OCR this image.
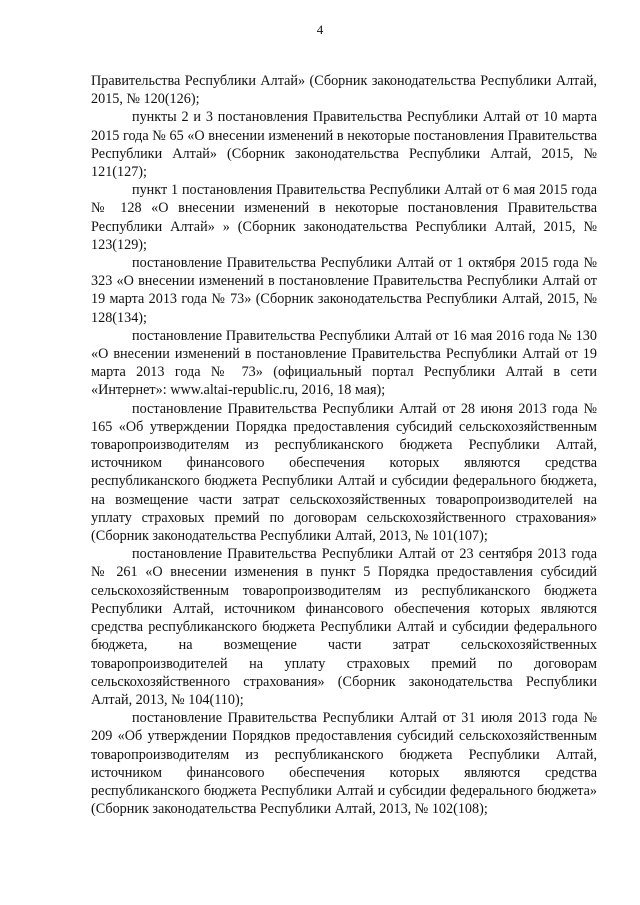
4

Правительства Республики Алтай» (Сборник законодательства Республики Алтай, 2015, № 120(126);

пункты 2 и 3 постановления Правительства Республики Алтай от 10 марта 2015 года № 65 «О внесении изменений в некоторые постановления Правительства Республики Алтай» (Сборник законодательства Республики Алтай, 2015, № 121(127);

пункт 1 постановления Правительства Республики Алтай от 6 мая 2015 года № 128 «О внесении изменений в некоторые постановления Правительства Республики Алтай» » (Сборник законодательства Республики Алтай, 2015, № 123(129);

постановление Правительства Республики Алтай от 1 октября 2015 года № 323 «О внесении изменений в постановление Правительства Республики Алтай от 19 марта 2013 года № 73» (Сборник законодательства Республики Алтай, 2015, № 128(134);

постановление Правительства Республики Алтай от 16 мая 2016 года № 130 «О внесении изменений в постановление Правительства Республики Алтай от 19 марта 2013 года № 73» (официальный портал Республики Алтай в сети «Интернет»: www.altai-republic.ru, 2016, 18 мая);

постановление Правительства Республики Алтай от 28 июня 2013 года № 165 «Об утверждении Порядка предоставления субсидий сельскохозяйственным товаропроизводителям из республиканского бюджета Республики Алтай, источником финансового обеспечения которых являются средства республиканского бюджета Республики Алтай и субсидии федерального бюджета, на возмещение части затрат сельскохозяйственных товаропроизводителей на уплату страховых премий по договорам сельскохозяйственного страхования» (Сборник законодательства Республики Алтай, 2013, № 101(107);

постановление Правительства Республики Алтай от 23 сентября 2013 года № 261 «О внесении изменения в пункт 5 Порядка предоставления субсидий сельскохозяйственным товаропроизводителям из республиканского бюджета Республики Алтай, источником финансового обеспечения которых являются средства республиканского бюджета Республики Алтай и субсидии федерального бюджета, на возмещение части затрат сельскохозяйственных товаропроизводителей на уплату страховых премий по договорам сельскохозяйственного страхования» (Сборник законодательства Республики Алтай, 2013, № 104(110);

постановление Правительства Республики Алтай от 31 июля 2013 года № 209 «Об утверждении Порядков предоставления субсидий сельскохозяйственным товаропроизводителям из республиканского бюджета Республики Алтай, источником финансового обеспечения которых являются средства республиканского бюджета Республики Алтай и субсидии федерального бюджета» (Сборник законодательства Республики Алтай, 2013, № 102(108);
